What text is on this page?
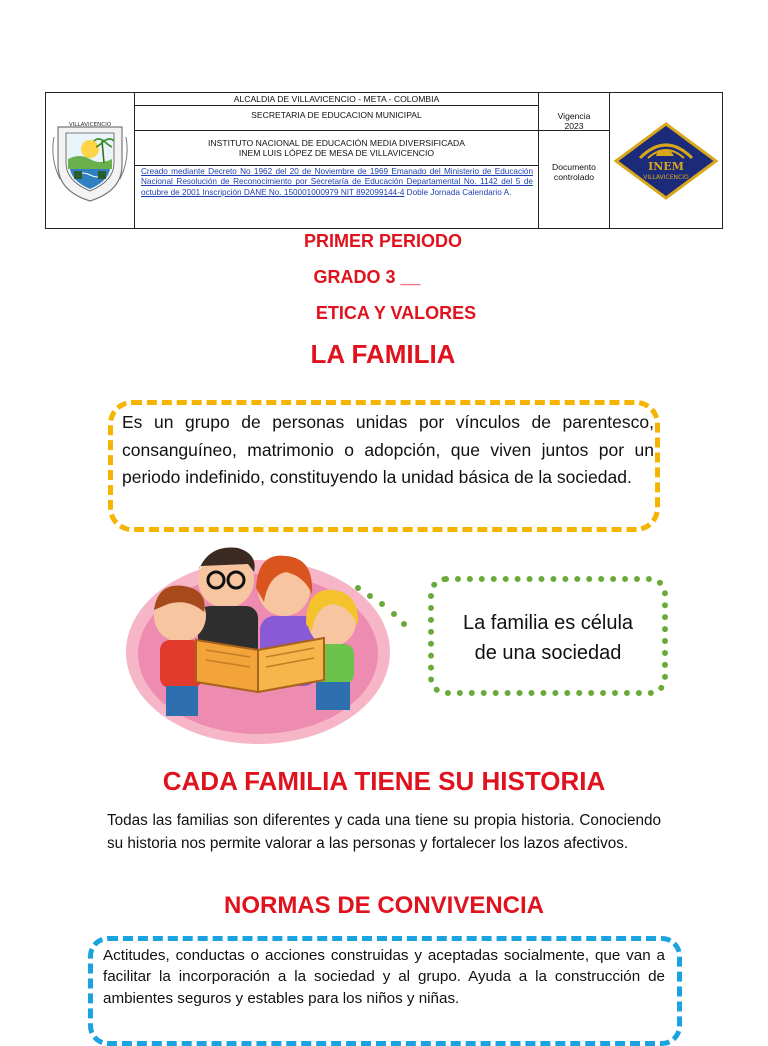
VILLAVICENCIO
ALCALDIA DE VILLAVICENCIO - META - COLOMBIA
SECRETARIA DE EDUCACION MUNICIPAL
INSTITUTO NACIONAL DE EDUCACIÓN MEDIA DIVERSIFICADA
INEM LUIS LÓPEZ DE MESA DE VILLAVICENCIO
Vigencia
2023
Documento
controlado
INEM
VILLAVICENCIO
Creado mediante Decreto No 1962 del 20 de Noviembre de 1969 Emanado del Ministerio de Educación Nacional Resolución de Reconocimiento por Secretaría de Educación Departamental No. 1142 del 5 de octubre de 2001 Inscripción DANE No. 150001000979 NIT 892099144-4 Doble Jornada Calendario A.
PRIMER PERIODO
GRADO 3 __
ETICA Y VALORES
LA FAMILIA
Es un grupo de personas unidas por vínculos de parentesco, consanguíneo, matrimonio o adopción, que viven juntos por un periodo indefinido, constituyendo la unidad básica de la sociedad.
La familia es célula
de una sociedad
CADA FAMILIA TIENE SU HISTORIA
Todas las familias son diferentes y cada una tiene su propia historia. Conociendo su historia nos permite valorar a las personas y fortalecer los lazos afectivos.
NORMAS DE CONVIVENCIA
Actitudes, conductas o acciones construidas y aceptadas socialmente, que van a facilitar la incorporación a la sociedad y al grupo. Ayuda a la construcción de ambientes seguros y estables para los niños y niñas.
